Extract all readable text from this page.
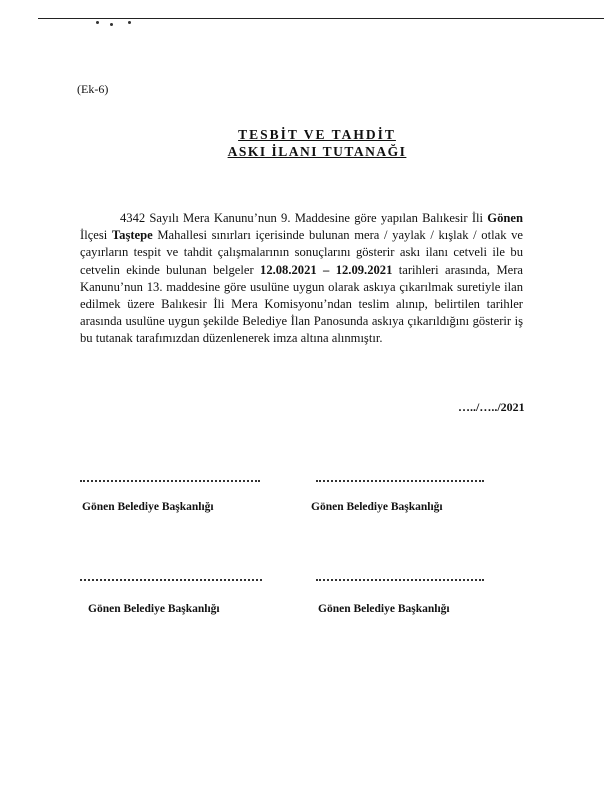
(Ek-6)
TESBİT VE TAHDİT
ASKI İLANI TUTANAĞI
4342 Sayılı Mera Kanunu’nun 9. Maddesine göre yapılan Balıkesir İli Gönen İlçesi Taştepe Mahallesi sınırları içerisinde bulunan mera / yaylak / kışlak / otlak ve çayırların tespit ve tahdit çalışmalarının sonuçlarını gösterir askı ilanı cetveli ile bu cetvelin ekinde bulunan belgeler 12.08.2021 – 12.09.2021 tarihleri arasında, Mera Kanunu’nun 13. maddesine göre usulüne uygun olarak askıya çıkarılmak suretiyle ilan edilmek üzere Balıkesir İli Mera Komisyonu’ndan teslim alınıp, belirtilen tarihler arasında usulüne uygun şekilde Belediye İlan Panosunda askıya çıkarıldığını gösterir iş bu tutanak tarafımızdan düzenlenerek imza altına alınmıştır.
…../…../2021
Gönen Belediye Başkanlığı	Gönen Belediye Başkanlığı
Gönen Belediye Başkanlığı	Gönen Belediye Başkanlığı
